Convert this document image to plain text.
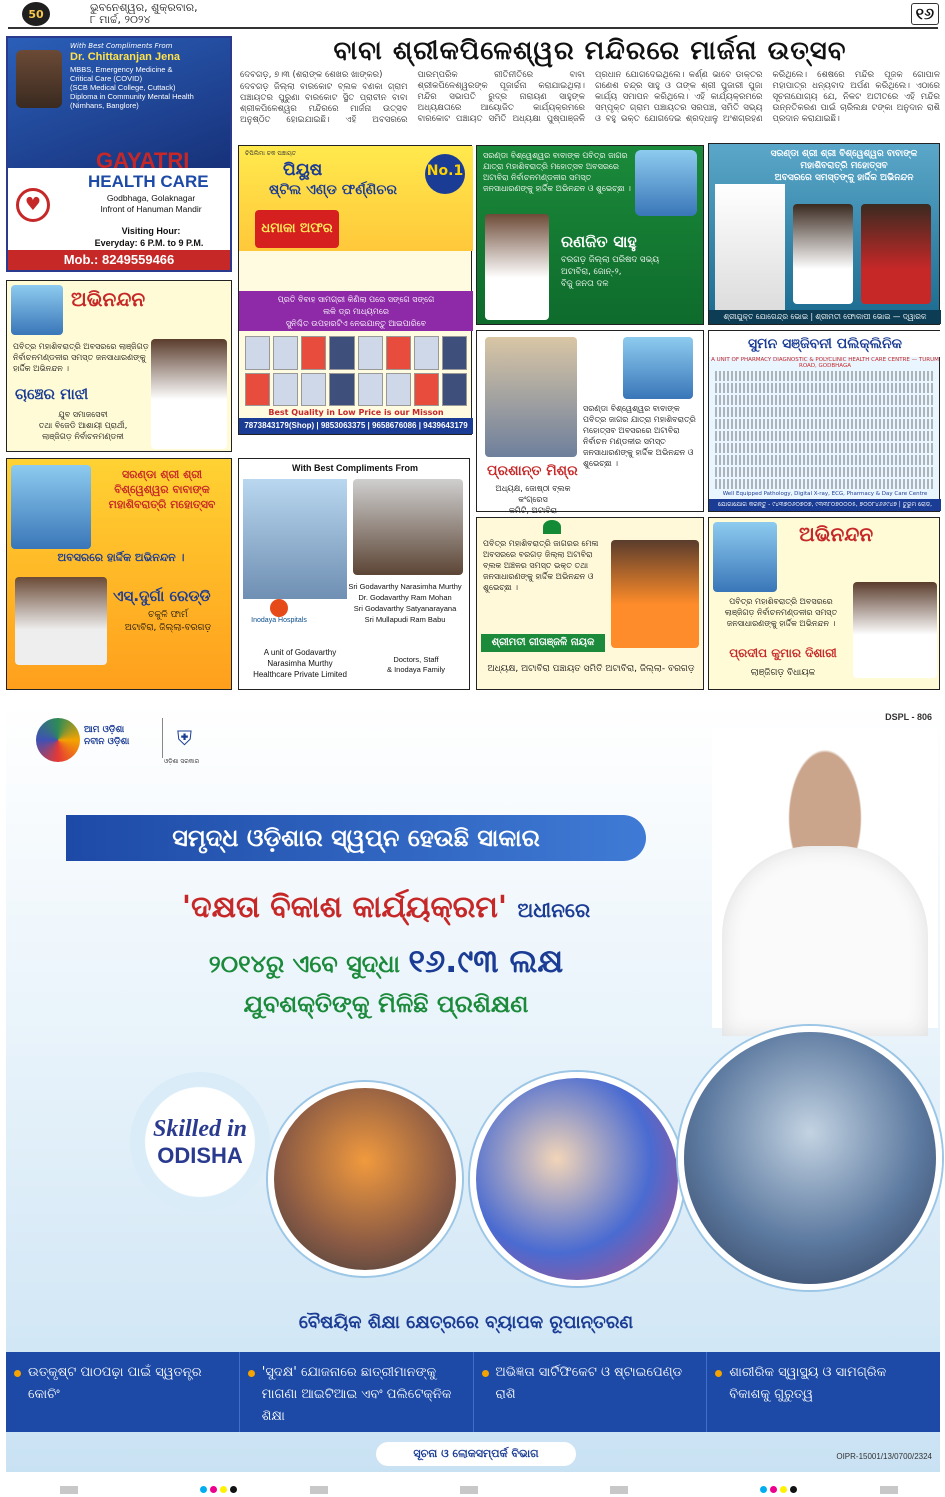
50	ଭୁବନେଶ୍ୱର, ଶୁକ୍ରବାର,
୮ ମାର୍ଚ୍ଚ, ୨୦୨୪	୧୬
ବାବା ଶ୍ରୀକପିଳେଶ୍ୱର ମନ୍ଦିରରେ ମାର୍ଜନା ଉତ୍ସବ
ଦେବଗଡ଼, ୭।୩ (ଶରାଙ୍କ ଶେଖର ଖାଙ୍କର)
ଦେବଗଡ଼ ଜିଲ୍ଲା ବାରକୋଟ ବ୍ଲକ ବଣକା ଗ୍ରାମ ପଞ୍ଚାୟତର ପୁରୁଣା ବାରକୋଟ ସ୍ଥିତ ପ୍ରାଚୀନ ବାବା ଶ୍ରୀକପିଳେଶ୍ୱର ମନ୍ଦିରରେ ମାର୍ଜନା ଉତ୍ସବ ଅନୁଷ୍ଠିତ ହୋଇଯାଇଛି। ଏହି ଅବସରରେ ପାରମ୍ପରିକ ରୀତିନୀତିରେ ବାବା ଶ୍ରୀକପିଳେଶ୍ୱରଙ୍କ ପୂଜାର୍ଚ୍ଚନା କରାଯାଇଥିଲା। ମନ୍ଦିର ସଭାପତି ରୁଦ୍ର ନାରାୟଣ ସାହୁଙ୍କ ଅଧ୍ୟକ୍ଷତାରେ ଆୟୋଜିତ କାର୍ଯ୍ୟକ୍ରମରେ ବାରକୋଟ ପଞ୍ଚାୟତ ସମିତି ଅଧ୍ୟକ୍ଷା ପୁଷ୍ପାଞ୍ଜଳି ପ୍ରଧାନ ଯୋଗଦେଇଥିଲେ। କର୍ଣ୍ଣ ଭାବେ ଡାକ୍ତର ଗଣେଶ ଚନ୍ଦ୍ର ସାହୁ ଓ ତାଙ୍କ ଶ୍ରୀ ପୁଜାରୀ ପୁଜା କାର୍ଯ୍ୟ ସମାପନ କରିଥିଲେ। ଏହି କାର୍ଯ୍ୟକ୍ରମରେ ସମ୍ପୃକ୍ତ ଗ୍ରାମ ପଞ୍ଚାୟତର ସରପଞ୍ଚ, ସମିତି ସଭ୍ୟ ଓ ବହୁ ଭକ୍ତ ଯୋଗଦେଇ ଶ୍ରଦ୍ଧାଳୁ ଅଂଶଗ୍ରହଣ କରିଥିଲେ। ଶେଷରେ ମନ୍ଦିର ପୂଜକ ଗୋପାଳ ମହାପାତ୍ର ଧନ୍ୟବାଦ ଅର୍ପଣ କରିଥିଲେ। ଏଠାରେ ସୂଚନାଯୋଗ୍ୟ ଯେ, ନିକଟ ଅତୀତରେ ଏହି ମନ୍ଦିର ଉନ୍ନତିକରଣ ପାଇଁ ଚାରିଲକ୍ଷ ଟଙ୍କା ଅନୁଦାନ ରାଶି ପ୍ରଦାନ କରାଯାଇଛି।
With Best Compliments From
Dr. Chittaranjan Jena
MBBS, Emergency Medicine &
Critical Care (COVID)
(SCB Medical College, Cuttack)
Diploma in Community Mental Health
(Nimhans, Banglore)
♥
GAYATRI
HEALTH CARE
Godbhaga, Golaknagar
Infront of Hanuman Mandir
Visiting Hour:
Everyday: 6 P.M. to 9 P.M.
Mob.: 8249559466
ଚିପିଲିମା ଚକ ପଞ୍ଚାୟତ
ପିୟୁଷ
ଷ୍ଟିଲ ଏଣ୍ଡ ଫର୍ଣ୍ଣିଚର
No.1
ଧମାକା ଅଫର
ପ୍ରତି ବିବାହ ସାମଗ୍ରୀ କିଣିଲା ପରେ ସଙ୍ଗେ ସଙ୍ଗେ
ଲକି ଡ୍ର ମାଧ୍ୟମରେ
ସୁନିଶ୍ଚିତ ଉପହାରଟିଏ ନେଇଯାନ୍ତୁ ଆଇପାରିବେ
Best Quality in Low Price is our Misson
7873843179(Shop) | 9853063375 | 9658676086 | 9439643179
ସରଣ୍ଡା ବିଶ୍ୱେଶ୍ୱର ବାବାଙ୍କ ପବିତ୍ର ଜାଗର ଯାତ୍ରା ମହାଶିବରାତ୍ରି ମହୋତ୍ସବ ଅବସରରେ ଅଟାବିରା ନିର୍ବାଚନମଣ୍ଡଳୀର ସମସ୍ତ ଜନସାଧାରଣଙ୍କୁ ହାର୍ଦ୍ଦିକ ଅଭିନନ୍ଦନ ଓ ଶୁଭେଚ୍ଛା ।
ରଣଜିତ ସାହୁ
ବରଗଡ଼ ଜିଲ୍ଲା ପରିଷଦ ସଭ୍ୟ
ଅଟାବିରା, ଜୋନ୍-୨,
ବିଜୁ ଜନତା ଦଳ
ସରଣ୍ଡା ଶ୍ରୀ ଶ୍ରୀ ବିଶ୍ୱେଶ୍ୱର ବାବାଙ୍କ
ମହାଶିବରାତ୍ରି ମହୋତ୍ସବ
ଅବସରରେ ସମସ୍ତଙ୍କୁ ହାର୍ଦ୍ଦିକ ଅଭିନନ୍ଦନ
ଶ୍ରୀଯୁକ୍ତ ଯୋଗେନ୍ଦ୍ର ଭୋଇ | ଶ୍ରୀମତୀ ଫୋକାପୀ ଭୋଇ — ଦ୍ୱାରକ
ଅଭିନନ୍ଦନ
ପବିତ୍ର ମହାଶିବରାତ୍ରି ଅବସରରେ ଲାଞ୍ଜିଗଡ଼ ନିର୍ବାଚନମଣ୍ଡଳୀର ସମସ୍ତ ଜନସାଧାରଣଙ୍କୁ ହାର୍ଦ୍ଦିକ ଅଭିନନ୍ଦନ ।
ଚାଞ୍ଚେର ମାଝୀ
ଯୁବ ସମାଜସେବୀ
ତଥା ବିଜେଡି ଆଶାୟୀ ପ୍ରାର୍ଥୀ,
ଲାଞ୍ଜିଗଡ଼ ନିର୍ବାଚନମଣ୍ଡଳୀ
ସରଣ୍ଡା ବିଶ୍ୱେଶ୍ୱର ବାବାଙ୍କ ପବିତ୍ର ଜାଗର ଯାତ୍ରା ମହାଶିବରାତ୍ରି ମହୋତ୍ସବ ଅବସରରେ ଅଟାବିରା ନିର୍ବାଚନ ମଣ୍ଡଳୀର ସମସ୍ତ ଜନସାଧାରଣଙ୍କୁ ହାର୍ଦ୍ଦିକ ଅଭିନନ୍ଦନ ଓ ଶୁଭେଚ୍ଛା ।
ପ୍ରଶାନ୍ତ ମିଶ୍ର
ଅଧ୍ୟକ୍ଷ, ଜୋଷ୍ଠୀ ବ୍ଲକ କଂଗ୍ରେସ
କମିଟି, ଅଟାବିରା
ସୁମନ ସଞ୍ଜିବନୀ ପଲିକ୍ଲିନିକ
A UNIT OF PHARMACY DIAGNOSTIC & POLYCLINIC HEALTH CARE CENTRE — TURUM ROAD, GODBHAGA
Well Equipped Pathology, Digital X-ray, ECG, Pharmacy & Day Care Centre
ଯୋଗାଯୋଗ କରନ୍ତୁ - ୯୪୩୭୦୬୦୭୦୭, ୯୩୩୮୦୭୦୦୦୫, ୭୦୦୮୪୬୬୯୪୭ | ତୁରୁମ ରୋଡ,
ସରଣ୍ଡା ଶ୍ରୀ ଶ୍ରୀ ବିଶ୍ୱେଶ୍ୱର ବାବାଙ୍କ ମହାଶିବରାତ୍ରି ମହୋତ୍ସବ
ଅବସରରେ ହାର୍ଦ୍ଦିକ ଅଭିନନ୍ଦନ ।
ଏସ୍.ଦୁର୍ଗା ରେଡ୍ଡି
ଚକୁଳି ଫାର୍ମ
ଅଟାବିରା, ଜିଲ୍ଲା-ବରଗଡ଼
With Best Compliments From
Inodaya Hospitals
Sri Godavarthy Narasimha Murthy
Dr. Godavarthy Ram Mohan
Sri Godavarthy Satyanarayana
Sri Mullapudi Ram Babu
A unit of Godavarthy
Narasimha Murthy
Healthcare Private Limited
Doctors, Staff
& Inodaya Family
ପବିତ୍ର ମହାଶିବରାତ୍ରି ଜାଗରର ମେଳା ଅବସରରେ ବରଗଡ଼ ଜିଲ୍ଲା ଅଟାବିରା ବ୍ଲକ ଅଞ୍ଚଳର ସମସ୍ତ ଭକ୍ତ ତଥା ଜନସାଧାରଣଙ୍କୁ ହାର୍ଦ୍ଦିକ ଅଭିନନ୍ଦନ ଓ ଶୁଭେଚ୍ଛା ।
ଶ୍ରୀମତୀ ଗୀତାଞ୍ଜଳି ନାୟକ
ଅଧ୍ୟକ୍ଷ, ଅଟାବିରା ପଞ୍ଚାୟତ ସମିତି ଅଟାବିରା, ଜିଲ୍ଲା- ବରଗଡ଼
ଅଭିନନ୍ଦନ
ପବିତ୍ର ମହାଶିବରାତ୍ରି ଅବସରରେ ଲାଞ୍ଜିଗଡ଼ ନିର୍ବାଚନମଣ୍ଡଳୀର ସମସ୍ତ ଜନସାଧାରଣଙ୍କୁ ହାର୍ଦ୍ଦିକ ଅଭିନନ୍ଦନ ।
ପ୍ରଦୀପ କୁମାର ଦିଶାରୀ
ଲାଞ୍ଜିଗଡ଼ ବିଧାୟକ
ଆମ ଓଡ଼ିଶା
ନବୀନ ଓଡ଼ିଶା	⛨
ଓଡ଼ିଶା ସରକାର
DSPL - 806
ସମୃଦ୍ଧ ଓଡ଼ିଶାର ସ୍ୱପ୍ନ ହେଉଛି ସାକାର
'ଦକ୍ଷତା ବିକାଶ କାର୍ଯ୍ୟକ୍ରମ' ଅଧୀନରେ
୨୦୧୪ରୁ ଏବେ ସୁଦ୍ଧା ୧୬.୯୩ ଲକ୍ଷ
ଯୁବଶକ୍ତିଙ୍କୁ ମିଳିଛି ପ୍ରଶିକ୍ଷଣ
Skilled in
ODISHA
ବୈଷୟିକ ଶିକ୍ଷା କ୍ଷେତ୍ରରେ ବ୍ୟାପକ ରୂପାନ୍ତରଣ
ଉତ୍କୃଷ୍ଟ ପାଠପଢ଼ା ପାଇଁ ସ୍ୱତନ୍ତ୍ର କୋଚିଂ
'ସୁଦକ୍ଷ' ଯୋଜନାରେ ଛାତ୍ରୀମାନଙ୍କୁ ମାଗଣା ଆଇଟିଆଇ ଏବଂ ପଲିଟେକ୍ନିକ ଶିକ୍ଷା
ଅଭିଜ୍ଞତା ସାର୍ଟିଫିକେଟ ଓ ଷ୍ଟାଇପେଣ୍ଡ ରାଶି
ଶାରୀରିକ ସ୍ୱାସ୍ଥ୍ୟ ଓ ସାମଗ୍ରିକ ବିକାଶକୁ ଗୁରୁତ୍ୱ
ସୂଚନା ଓ ଲୋକସମ୍ପର୍କ ବିଭାଗ	OIPR-15001/13/0700/2324
